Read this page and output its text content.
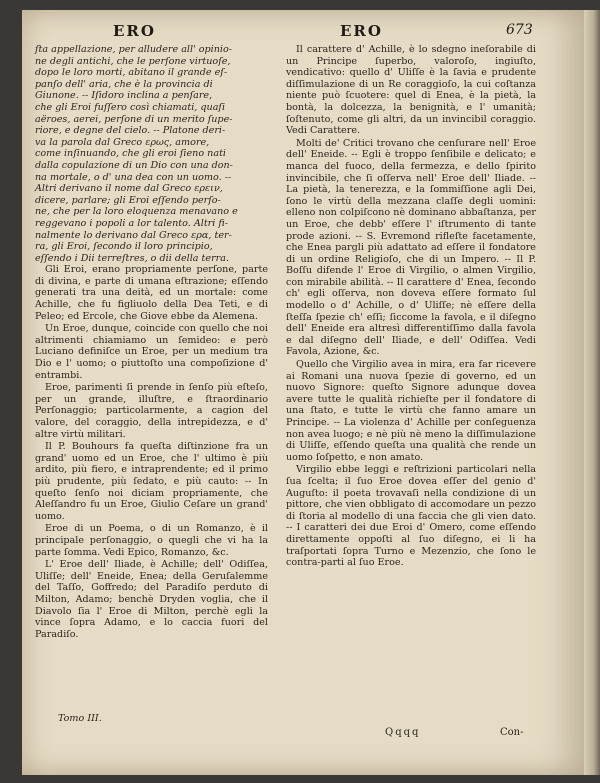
ERO	ERO	673
ſta appellazione, per alludere all' opinio-
ne degli antichi, che le perſone virtuoſe,
dopo le loro morti, abitano il grande eſ-
panſo dell' aria, che è la provincia di
Giunone. -- Iſidoro inclina a penſare,
che gli Eroi fuſſero così chiamati, quaſi
aëroes, aerei, perſone di un merito ſupe-
riore, e degne del cielo. -- Platone deri-
va la parola dal Greco ερως, amore,
come inſinuando, che gli eroi ſieno nati
dalla copulazione di un Dio con una don-
na mortale, o d' una dea con un uomo. --
Altri derivano il nome dal Greco ερειν,
dicere, parlare; gli Eroi eſſendo perſo-
ne, che per la loro eloquenza menavano e
reggevano i popoli a lor talento. Altri fi-
nalmente lo derivano dal Greco ερα, ter-
ra, gli Eroi, ſecondo il loro principio,
eſſendo i Dii terreſtres, o dii della terra.

Gli Eroi, erano propriamente perſone, parte di divina, e parte di umana eſtrazione; eſſendo generati tra una deità, ed un mortale: come Achille, che fu figliuolo della Dea Teti, e di Peleo; ed Ercole, che Giove ebbe da Alemena.

Un Eroe, dunque, coincide con quello che noi altrimenti chiamiamo un ſemideo: e però Luciano definiſce un Eroe, per un medium tra Dio e l' uomo; o piuttoſto una compoſizione d' entrambi.

Eroe, parimenti ſi prende in ſenſo più eſteſo, per un grande, illuſtre, e ſtraordinario Perſonaggio; particolarmente, a cagion del valore, del coraggio, della intrepidezza, e d' altre virtù militari.

Il P. Bouhours fa queſta diſtinzione fra un grand' uomo ed un Eroe, che l' ultimo è più ardito, più fiero, e intraprendente; ed il primo più prudente, più ſedato, e più cauto: -- In queſto ſenſo noi diciam propriamente, che Aleſſandro fu un Eroe, Giulio Ceſare un grand' uomo.

Eroe di un Poema, o di un Romanzo, è il principale perſonaggio, o quegli che vi ha la parte ſomma. Vedi Epico, Romanzo, &c.

L' Eroe dell' Iliade, è Achille; dell' Odiſſea, Uliſſe; dell' Eneide, Enea; della Geruſalemme del Taſſo, Goffredo; del Paradiſo perduto di Milton, Adamo; benchè Dryden voglia, che il Diavolo ſia l' Eroe di Milton, perchè egli la vince ſopra Adamo, e lo caccia fuori del Paradiſo.

Il carattere d' Achille, è lo sdegno ineſorabile di un Principe ſuperbo, valoroſo, ingiuſto, vendicativo: quello d' Uliſſe è la ſavia e prudente diſſimulazione di un Re coraggioſo, la cui coſtanza niente può ſcuotere: quel di Enea, è la pietà, la bontà, la dolcezza, la benignità, e l' umanità; ſoſtenuto, come gli altri, da un invincibil coraggio. Vedi Carattere.

Molti de' Critici trovano che cenſurare nell' Eroe dell' Eneide. -- Egli è troppo ſenſibile e delicato; e manca del fuoco, della fermezza, e dello ſpirito invincibile, che ſi oſſerva nell' Eroe dell' Iliade. -- La pietà, la tenerezza, e la ſommiſſione agli Dei, ſono le virtù della mezzana claſſe degli uomini: elleno non colpiſcono nè dominano abbaſtanza, per un Eroe, che debb' eſſere l' iſtrumento di tante prode azioni. -- S. Evremond rifleſte facetamente, che Enea pargli più adattato ad eſſere il fondatore di un ordine Religioſo, che di un Impero. -- Il P. Boſſu difende l' Eroe di Virgilio, o almen Virgilio, con mirabile abilità. -- Il carattere d' Enea, ſecondo ch' egli oſſerva, non doveva eſſere formato ſul modello o d' Achille, o d' Uliſſe; nè eſſere della ſteſſa ſpezie ch' eſſi; ſiccome la favola, e il diſegno dell' Eneide era altresì differentiſſimo dalla favola e dal diſegno dell' Iliade, e dell' Odiſſea. Vedi Favola, Azione, &c.

Quello che Virgilio avea in mira, era far ricevere ai Romani una nuova ſpezie di governo, ed un nuovo Signore: queſto Signore adunque dovea avere tutte le qualità richieſte per il fondatore di una ſtato, e tutte le virtù che fanno amare un Principe. -- La violenza d' Achille per conſeguenza non avea luogo; e nè più nè meno la diſſimulazione di Uliſſe, eſſendo queſta una qualità che rende un uomo ſoſpetto, e non amato.

Virgilio ebbe leggi e reſtrizioni particolari nella ſua ſcelta; il ſuo Eroe dovea eſſer del genio d' Auguſto: il poeta trovavaſi nella condizione di un pittore, che vien obbligato di accomodare un pezzo di ſtoria al modello di una faccia che gli vien dato. -- I caratteri dei due Eroi d' Omero, come eſſendo direttamente oppoſti al ſuo diſegno, ei li ha traſportati ſopra Turno e Mezenzio, che ſono le contra-parti al ſuo Eroe.

Tomo III.
Qqqq	Con-
